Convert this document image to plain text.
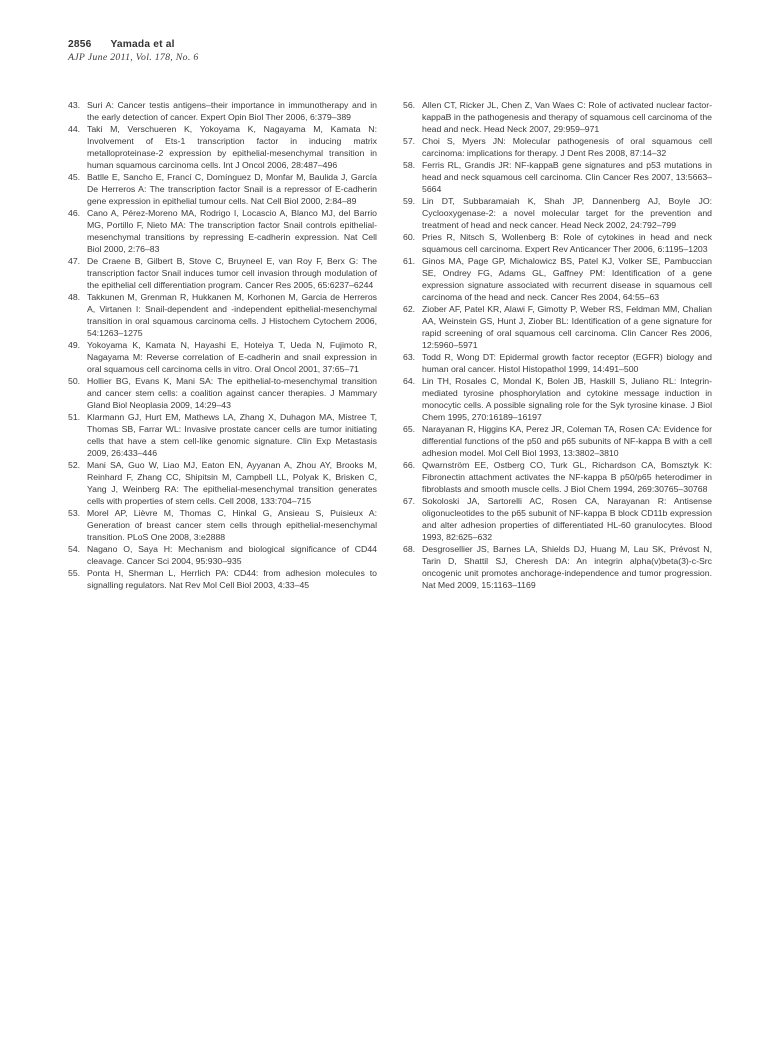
2856 Yamada et al
AJP June 2011, Vol. 178, No. 6
43. Suri A: Cancer testis antigens–their importance in immunotherapy and in the early detection of cancer. Expert Opin Biol Ther 2006, 6:379–389
44. Taki M, Verschueren K, Yokoyama K, Nagayama M, Kamata N: Involvement of Ets-1 transcription factor in inducing matrix metalloproteinase-2 expression by epithelial-mesenchymal transition in human squamous carcinoma cells. Int J Oncol 2006, 28:487–496
45. Batlle E, Sancho E, Francí C, Domínguez D, Monfar M, Baulida J, García De Herreros A: The transcription factor Snail is a repressor of E-cadherin gene expression in epithelial tumour cells. Nat Cell Biol 2000, 2:84–89
46. Cano A, Pérez-Moreno MA, Rodrigo I, Locascio A, Blanco MJ, del Barrio MG, Portillo F, Nieto MA: The transcription factor Snail controls epithelial-mesenchymal transitions by repressing E-cadherin expression. Nat Cell Biol 2000, 2:76–83
47. De Craene B, Gilbert B, Stove C, Bruyneel E, van Roy F, Berx G: The transcription factor Snail induces tumor cell invasion through modulation of the epithelial cell differentiation program. Cancer Res 2005, 65:6237–6244
48. Takkunen M, Grenman R, Hukkanen M, Korhonen M, Garcia de Herreros A, Virtanen I: Snail-dependent and -independent epithelial-mesenchymal transition in oral squamous carcinoma cells. J Histochem Cytochem 2006, 54:1263–1275
49. Yokoyama K, Kamata N, Hayashi E, Hoteiya T, Ueda N, Fujimoto R, Nagayama M: Reverse correlation of E-cadherin and snail expression in oral squamous cell carcinoma cells in vitro. Oral Oncol 2001, 37:65–71
50. Hollier BG, Evans K, Mani SA: The epithelial-to-mesenchymal transition and cancer stem cells: a coalition against cancer therapies. J Mammary Gland Biol Neoplasia 2009, 14:29–43
51. Klarmann GJ, Hurt EM, Mathews LA, Zhang X, Duhagon MA, Mistree T, Thomas SB, Farrar WL: Invasive prostate cancer cells are tumor initiating cells that have a stem cell-like genomic signature. Clin Exp Metastasis 2009, 26:433–446
52. Mani SA, Guo W, Liao MJ, Eaton EN, Ayyanan A, Zhou AY, Brooks M, Reinhard F, Zhang CC, Shipitsin M, Campbell LL, Polyak K, Brisken C, Yang J, Weinberg RA: The epithelial-mesenchymal transition generates cells with properties of stem cells. Cell 2008, 133:704–715
53. Morel AP, Lièvre M, Thomas C, Hinkal G, Ansieau S, Puisieux A: Generation of breast cancer stem cells through epithelial-mesenchymal transition. PLoS One 2008, 3:e2888
54. Nagano O, Saya H: Mechanism and biological significance of CD44 cleavage. Cancer Sci 2004, 95:930–935
55. Ponta H, Sherman L, Herrlich PA: CD44: from adhesion molecules to signalling regulators. Nat Rev Mol Cell Biol 2003, 4:33–45
56. Allen CT, Ricker JL, Chen Z, Van Waes C: Role of activated nuclear factor-kappaB in the pathogenesis and therapy of squamous cell carcinoma of the head and neck. Head Neck 2007, 29:959–971
57. Choi S, Myers JN: Molecular pathogenesis of oral squamous cell carcinoma: implications for therapy. J Dent Res 2008, 87:14–32
58. Ferris RL, Grandis JR: NF-kappaB gene signatures and p53 mutations in head and neck squamous cell carcinoma. Clin Cancer Res 2007, 13:5663–5664
59. Lin DT, Subbaramaiah K, Shah JP, Dannenberg AJ, Boyle JO: Cyclooxygenase-2: a novel molecular target for the prevention and treatment of head and neck cancer. Head Neck 2002, 24:792–799
60. Pries R, Nitsch S, Wollenberg B: Role of cytokines in head and neck squamous cell carcinoma. Expert Rev Anticancer Ther 2006, 6:1195–1203
61. Ginos MA, Page GP, Michalowicz BS, Patel KJ, Volker SE, Pambuccian SE, Ondrey FG, Adams GL, Gaffney PM: Identification of a gene expression signature associated with recurrent disease in squamous cell carcinoma of the head and neck. Cancer Res 2004, 64:55–63
62. Ziober AF, Patel KR, Alawi F, Gimotty P, Weber RS, Feldman MM, Chalian AA, Weinstein GS, Hunt J, Ziober BL: Identification of a gene signature for rapid screening of oral squamous cell carcinoma. Clin Cancer Res 2006, 12:5960–5971
63. Todd R, Wong DT: Epidermal growth factor receptor (EGFR) biology and human oral cancer. Histol Histopathol 1999, 14:491–500
64. Lin TH, Rosales C, Mondal K, Bolen JB, Haskill S, Juliano RL: Integrin-mediated tyrosine phosphorylation and cytokine message induction in monocytic cells. A possible signaling role for the Syk tyrosine kinase. J Biol Chem 1995, 270:16189–16197
65. Narayanan R, Higgins KA, Perez JR, Coleman TA, Rosen CA: Evidence for differential functions of the p50 and p65 subunits of NF-kappa B with a cell adhesion model. Mol Cell Biol 1993, 13:3802–3810
66. Qwarnström EE, Ostberg CO, Turk GL, Richardson CA, Bomsztyk K: Fibronectin attachment activates the NF-kappa B p50/p65 heterodimer in fibroblasts and smooth muscle cells. J Biol Chem 1994, 269:30765–30768
67. Sokoloski JA, Sartorelli AC, Rosen CA, Narayanan R: Antisense oligonucleotides to the p65 subunit of NF-kappa B block CD11b expression and alter adhesion properties of differentiated HL-60 granulocytes. Blood 1993, 82:625–632
68. Desgrosellier JS, Barnes LA, Shields DJ, Huang M, Lau SK, Prévost N, Tarin D, Shattil SJ, Cheresh DA: An integrin alpha(v)beta(3)-c-Src oncogenic unit promotes anchorage-independence and tumor progression. Nat Med 2009, 15:1163–1169
